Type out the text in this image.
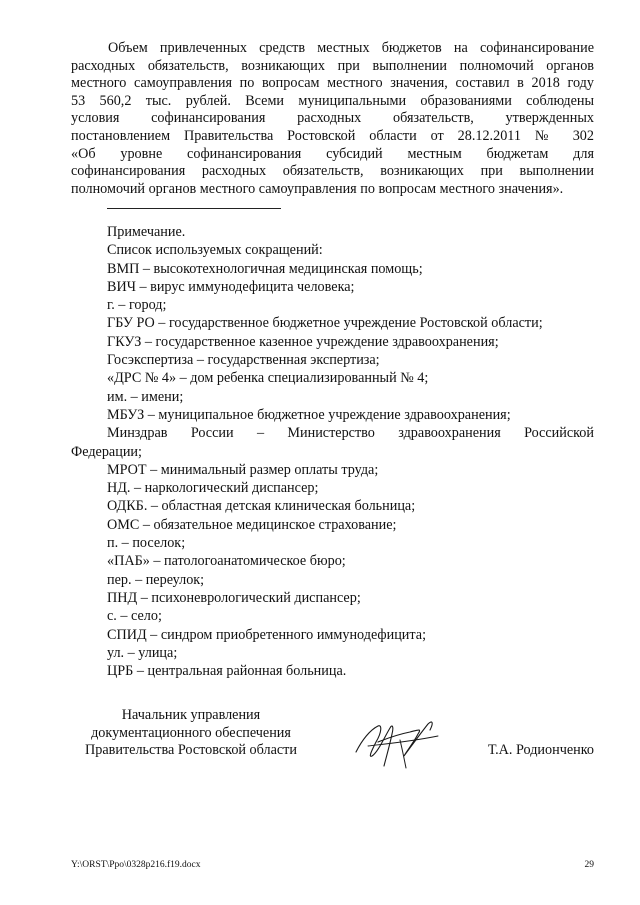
Объем привлеченных средств местных бюджетов на софинансирование
расходных обязательств, возникающих при выполнении полномочий органов
местного самоуправления по вопросам местного значения, составил в 2018 году
53 560,2 тыс. рублей. Всеми муниципальными образованиями соблюдены
условия софинансирования расходных обязательств, утвержденных
постановлением Правительства Ростовской области от 28.12.2011 № 302
«Об уровне софинансирования субсидий местным бюджетам для
софинансирования расходных обязательств, возникающих при выполнении
полномочий органов местного самоуправления по вопросам местного значения».
Примечание.
Список используемых сокращений:
ВМП – высокотехнологичная медицинская помощь;
ВИЧ – вирус иммунодефицита человека;
г. – город;
ГБУ РО – государственное бюджетное учреждение Ростовской области;
ГКУЗ – государственное казенное учреждение здравоохранения;
Госэкспертиза – государственная экспертиза;
«ДРС № 4» – дом ребенка специализированный № 4;
им. – имени;
МБУЗ – муниципальное бюджетное учреждение здравоохранения;
Минздрав России – Министерство здравоохранения Российской
Федерации;
МРОТ – минимальный размер оплаты труда;
НД. – наркологический диспансер;
ОДКБ. – областная детская клиническая больница;
ОМС – обязательное медицинское страхование;
п. – поселок;
«ПАБ» – патологоанатомическое бюро;
пер. – переулок;
ПНД – психоневрологический диспансер;
с. – село;
СПИД – синдром приобретенного иммунодефицита;
ул. – улица;
ЦРБ – центральная районная больница.
Начальник управления
документационного обеспечения
Правительства Ростовской области	Т.А. Родионченко
Y:\ORST\Ppo\0328p216.f19.docx	29
